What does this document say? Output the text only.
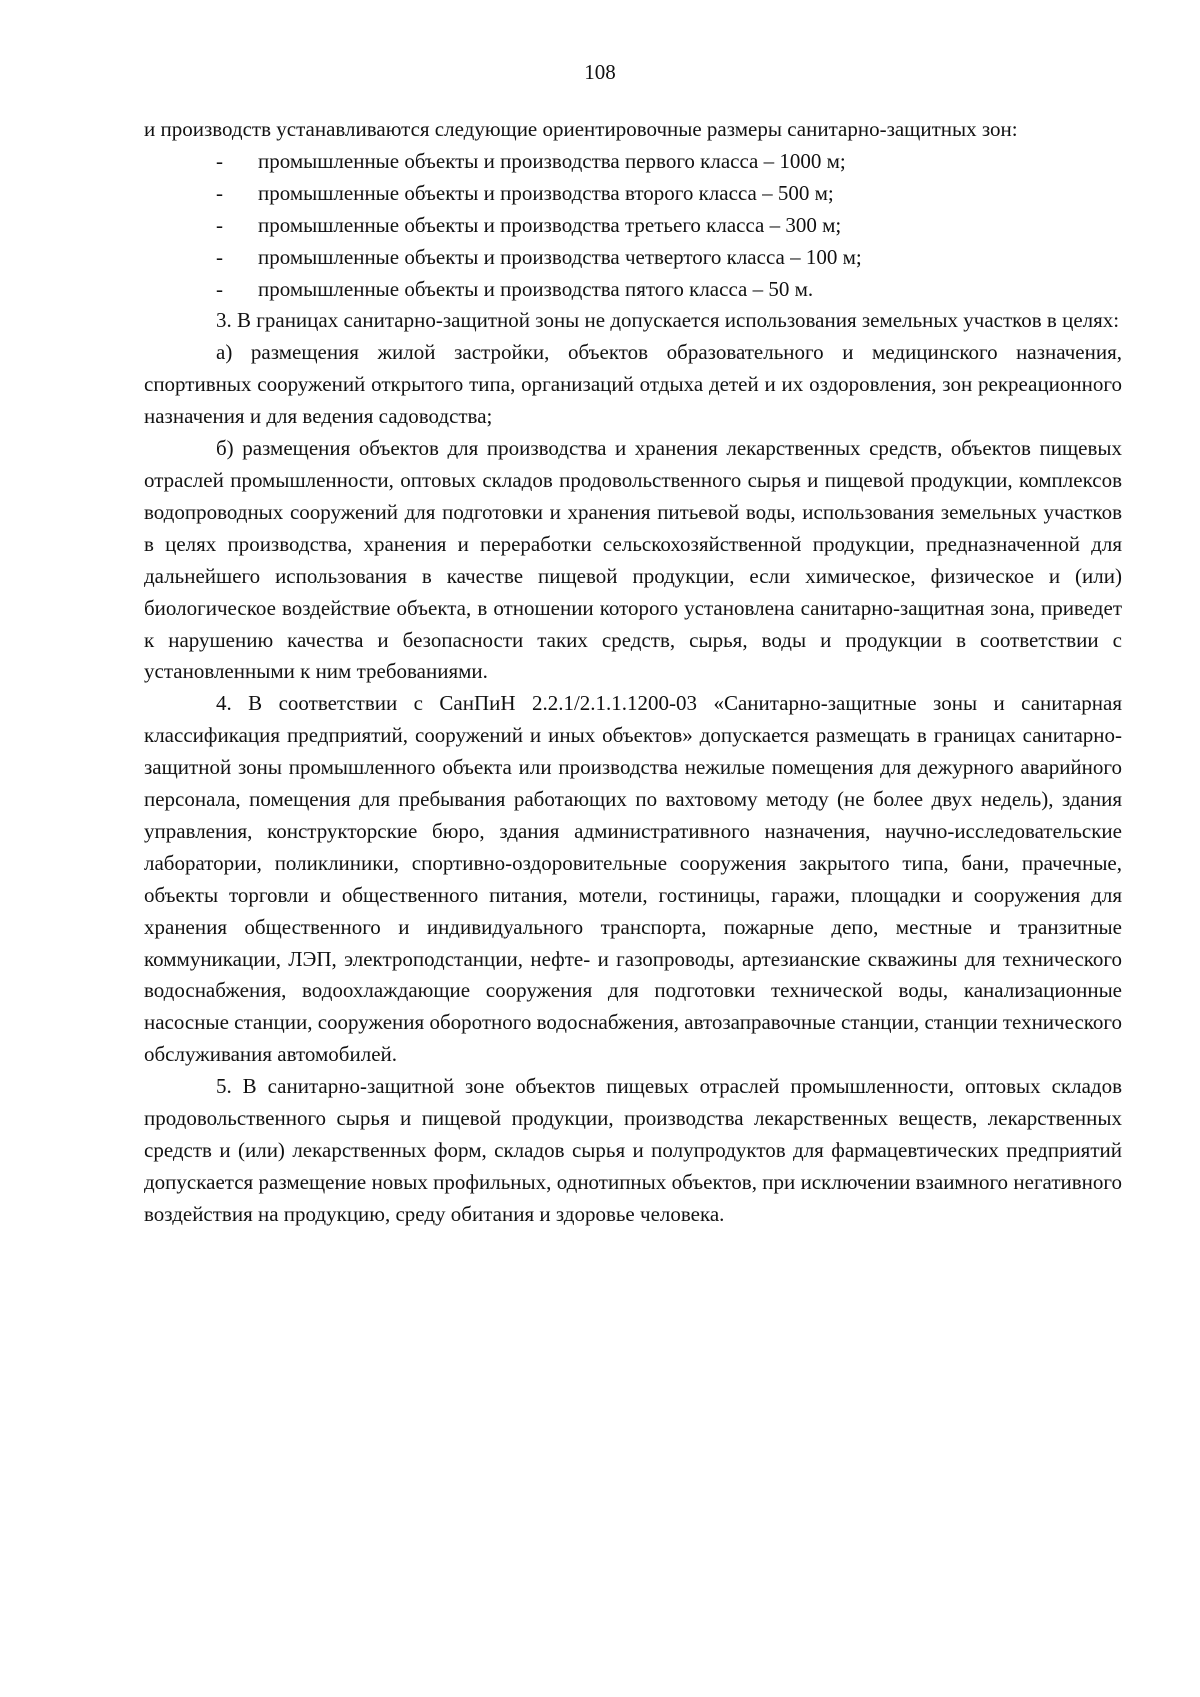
108

и производств устанавливаются следующие ориентировочные размеры санитарно-защитных зон:

- промышленные объекты и производства первого класса – 1000 м;
- промышленные объекты и производства второго класса – 500 м;
- промышленные объекты и производства третьего класса – 300 м;
- промышленные объекты и производства четвертого класса – 100 м;
- промышленные объекты и производства пятого класса – 50 м.

3. В границах санитарно-защитной зоны не допускается использования земельных участков в целях:

а) размещения жилой застройки, объектов образовательного и медицинского назначения, спортивных сооружений открытого типа, организаций отдыха детей и их оздоровления, зон рекреационного назначения и для ведения садоводства;

б) размещения объектов для производства и хранения лекарственных средств, объектов пищевых отраслей промышленности, оптовых складов продовольственного сырья и пищевой продукции, комплексов водопроводных сооружений для подготовки и хранения питьевой воды, использования земельных участков в целях производства, хранения и переработки сельскохозяйственной продукции, предназначенной для дальнейшего использования в качестве пищевой продукции, если химическое, физическое и (или) биологическое воздействие объекта, в отношении которого установлена санитарно-защитная зона, приведет к нарушению качества и безопасности таких средств, сырья, воды и продукции в соответствии с установленными к ним требованиями.

4. В соответствии с СанПиН 2.2.1/2.1.1.1200-03 «Санитарно-защитные зоны и санитарная классификация предприятий, сооружений и иных объектов» допускается размещать в границах санитарно-защитной зоны промышленного объекта или производства нежилые помещения для дежурного аварийного персонала, помещения для пребывания работающих по вахтовому методу (не более двух недель), здания управления, конструкторские бюро, здания административного назначения, научно-исследовательские лаборатории, поликлиники, спортивно-оздоровительные сооружения закрытого типа, бани, прачечные, объекты торговли и общественного питания, мотели, гостиницы, гаражи, площадки и сооружения для хранения общественного и индивидуального транспорта, пожарные депо, местные и транзитные коммуникации, ЛЭП, электроподстанции, нефте- и газопроводы, артезианские скважины для технического водоснабжения, водоохлаждающие сооружения для подготовки технической воды, канализационные насосные станции, сооружения оборотного водоснабжения, автозаправочные станции, станции технического обслуживания автомобилей.

5. В санитарно-защитной зоне объектов пищевых отраслей промышленности, оптовых складов продовольственного сырья и пищевой продукции, производства лекарственных веществ, лекарственных средств и (или) лекарственных форм, складов сырья и полупродуктов для фармацевтических предприятий допускается размещение новых профильных, однотипных объектов, при исключении взаимного негативного воздействия на продукцию, среду обитания и здоровье человека.
